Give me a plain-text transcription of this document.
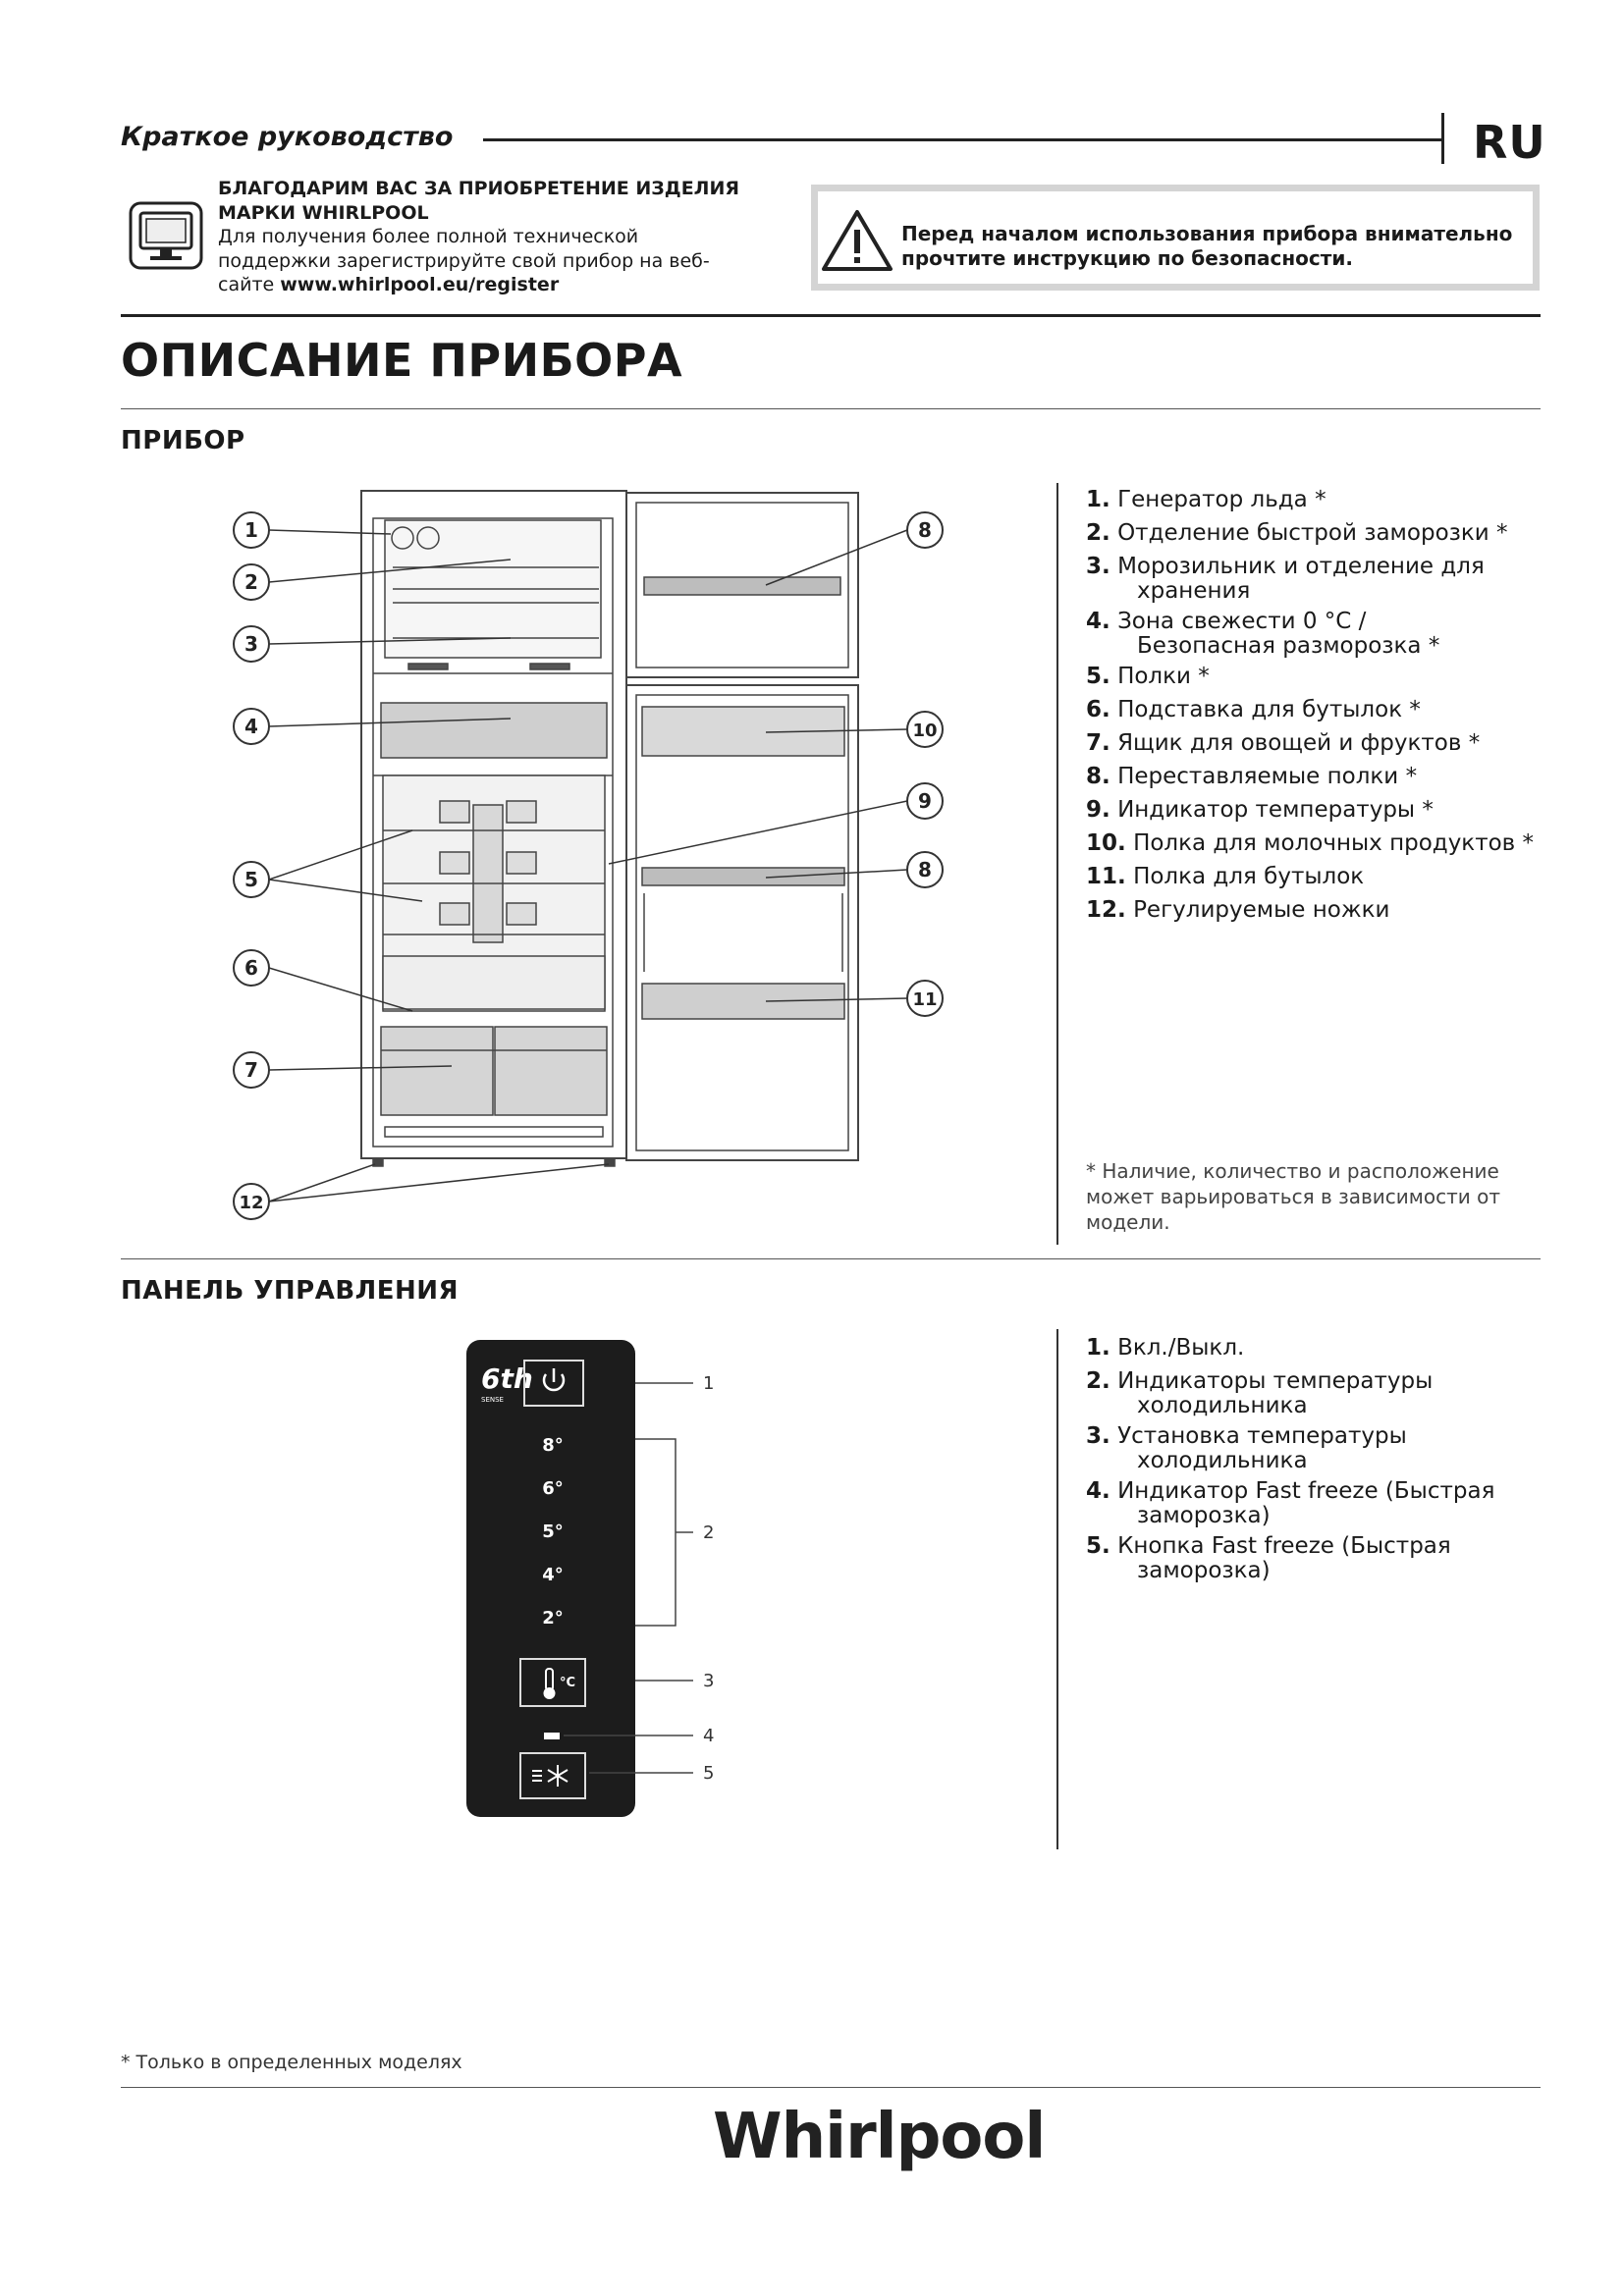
Краткое руководство	RU
БЛАГОДАРИМ ВАС ЗА ПРИОБРЕТЕНИЕ ИЗДЕЛИЯ
МАРКИ WHIRLPOOL
Для получения более полной технической
поддержки зарегистрируйте свой прибор на веб-
сайте www.whirlpool.eu/register
Перед началом использования прибора внимательно
прочтите инструкцию по безопасности.
ОПИСАНИЕ ПРИБОРА
ПРИБОР
1
2
3
4
5
6
7
8
10
9
8
11
12
1. Генератор льда *
2. Отделение быстрой заморозки *
3. Морозильник и отделение для
хранения
4. Зона свежести 0 °C /
Безопасная разморозка *
5. Полки *
6. Подставка для бутылок *
7. Ящик для овощей и фруктов *
8. Переставляемые полки *
9. Индикатор температуры *
10. Полка для молочных продуктов *
11. Полка для бутылок
12. Регулируемые ножки
* Наличие, количество и расположение
может варьироваться в зависимости от
модели.
ПАНЕЛЬ УПРАВЛЕНИЯ
6th
SENSE
8°
6°
5°
4°
2°
°C
1
2
3
4
5
1. Вкл./Выкл.
2. Индикаторы температуры
холодильника
3. Установка температуры
холодильника
4. Индикатор Fast freeze (Быстрая
заморозка)
5. Кнопка Fast freeze (Быстрая
заморозка)
* Только в определенных моделях
Whirlpool
